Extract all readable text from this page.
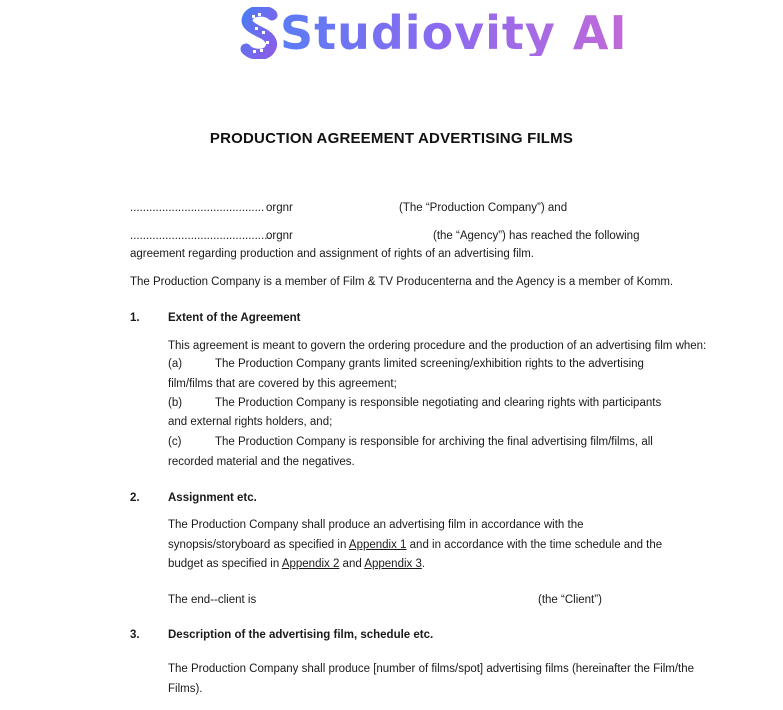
Studiovity AI
PRODUCTION AGREEMENT ADVERTISING FILMS
.......................................... orgnr	(The “Production Company”) and
............................................
orgnr	(the “Agency”) has reached the following
agreement regarding production and assignment of rights of an advertising film.
The Production Company is a member of Film & TV Producenterna and the Agency is a member of Komm.
1. Extent of the Agreement
This agreement is meant to govern the ordering procedure and the production of an advertising film when:
(a)	The Production Company grants limited screening/exhibition rights to the advertising
film/films that are covered by this agreement;
(b)	The Production Company is responsible negotiating and clearing rights with participants
and external rights holders, and;
(c)	The Production Company is responsible for archiving the final advertising film/films, all
recorded material and the negatives.
2. Assignment etc.
The Production Company shall produce an advertising film in accordance with the
synopsis/storyboard as specified in Appendix 1 and in accordance with the time schedule and the
budget as specified in Appendix 2 and Appendix 3.
The end--client is	(the “Client”)
3. Description of the advertising film, schedule etc.
The Production Company shall produce [number of films/spot] advertising films (hereinafter the Film/the
Films).
